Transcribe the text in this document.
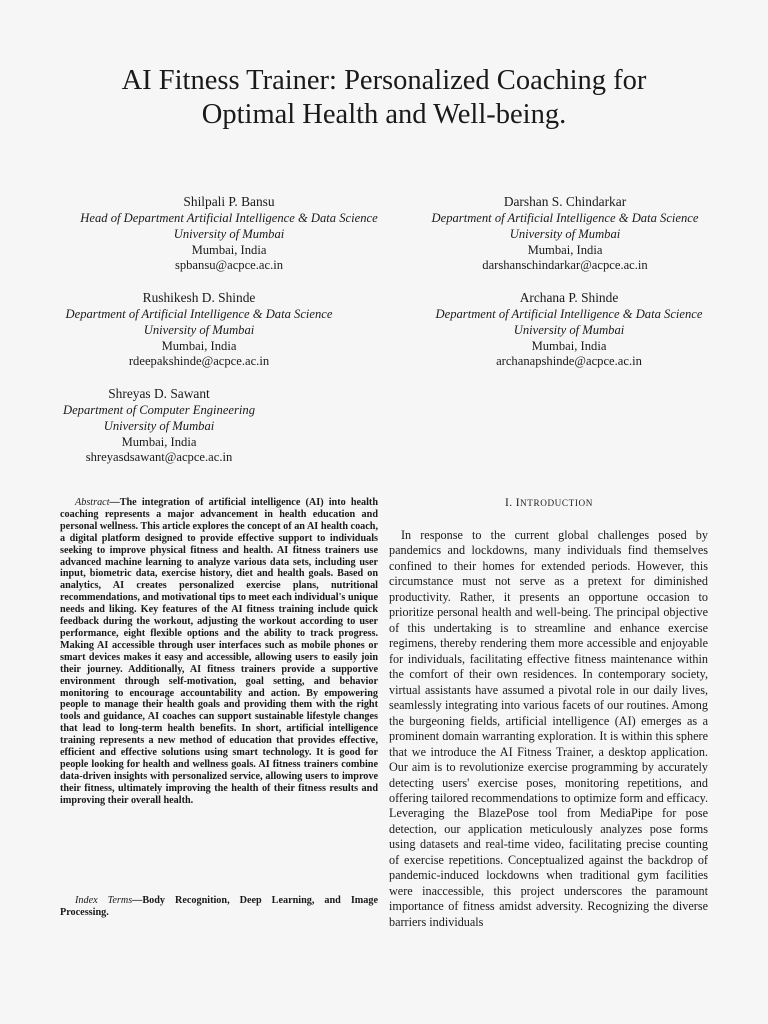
AI Fitness Trainer: Personalized Coaching for
Optimal Health and Well-being.
Shilpali P. Bansu
Head of Department Artificial Intelligence & Data Science
University of Mumbai
Mumbai, India
spbansu@acpce.ac.in
Darshan S. Chindarkar
Department of Artificial Intelligence & Data Science
University of Mumbai
Mumbai, India
darshanschindarkar@acpce.ac.in
Rushikesh D. Shinde
Department of Artificial Intelligence & Data Science
University of Mumbai
Mumbai, India
rdeepakshinde@acpce.ac.in
Archana P. Shinde
Department of Artificial Intelligence & Data Science
University of Mumbai
Mumbai, India
archanapshinde@acpce.ac.in
Shreyas D. Sawant
Department of Computer Engineering
University of Mumbai
Mumbai, India
shreyasdsawant@acpce.ac.in

Abstract—The integration of artificial intelligence (AI) into health coaching represents a major advancement in health education and personal wellness. This article explores the concept of an AI health coach, a digital platform designed to provide effective support to individuals seeking to improve physical fitness and health. AI fitness trainers use advanced machine learning to analyze various data sets, including user input, biometric data, exercise history, diet and health goals. Based on analytics, AI creates personalized exercise plans, nutritional recommendations, and motivational tips to meet each individual's unique needs and liking. Key features of the AI fitness training include quick feedback during the workout, adjusting the workout according to user performance, eight flexible options and the ability to track progress. Making AI accessible through user interfaces such as mobile phones or smart devices makes it easy and accessible, allowing users to easily join their journey. Additionally, AI fitness trainers provide a supportive environment through self-motivation, goal setting, and behavior monitoring to encourage accountability and action. By empowering people to manage their health goals and providing them with the right tools and guidance, AI coaches can support sustainable lifestyle changes that lead to long-term health benefits. In short, artificial intelligence training represents a new method of education that provides effective, efficient and effective solutions using smart technology. It is good for people looking for health and wellness goals. AI fitness trainers combine data-driven insights with personalized service, allowing users to improve their fitness, ultimately improving the health of their fitness results and improving their overall health.

Index Terms—Body Recognition, Deep Learning, and Image Processing.
I. INTRODUCTION

In response to the current global challenges posed by pandemics and lockdowns, many individuals find themselves confined to their homes for extended periods. However, this circumstance must not serve as a pretext for diminished productivity. Rather, it presents an opportune occasion to prioritize personal health and well-being. The principal objective of this undertaking is to streamline and enhance exercise regimens, thereby rendering them more accessible and enjoyable for individuals, facilitating effective fitness maintenance within the comfort of their own residences. In contemporary society, virtual assistants have assumed a pivotal role in our daily lives, seamlessly integrating into various facets of our routines. Among the burgeoning fields, artificial intelligence (AI) emerges as a prominent domain warranting exploration. It is within this sphere that we introduce the AI Fitness Trainer, a desktop application. Our aim is to revolutionize exercise programming by accurately detecting users' exercise poses, monitoring repetitions, and offering tailored recommendations to optimize form and efficacy. Leveraging the BlazePose tool from MediaPipe for pose detection, our application meticulously analyzes pose forms using datasets and real-time video, facilitating precise counting of exercise repetitions. Conceptualized against the backdrop of pandemic-induced lockdowns when traditional gym facilities were inaccessible, this project underscores the paramount importance of fitness amidst adversity. Recognizing the diverse barriers individuals
